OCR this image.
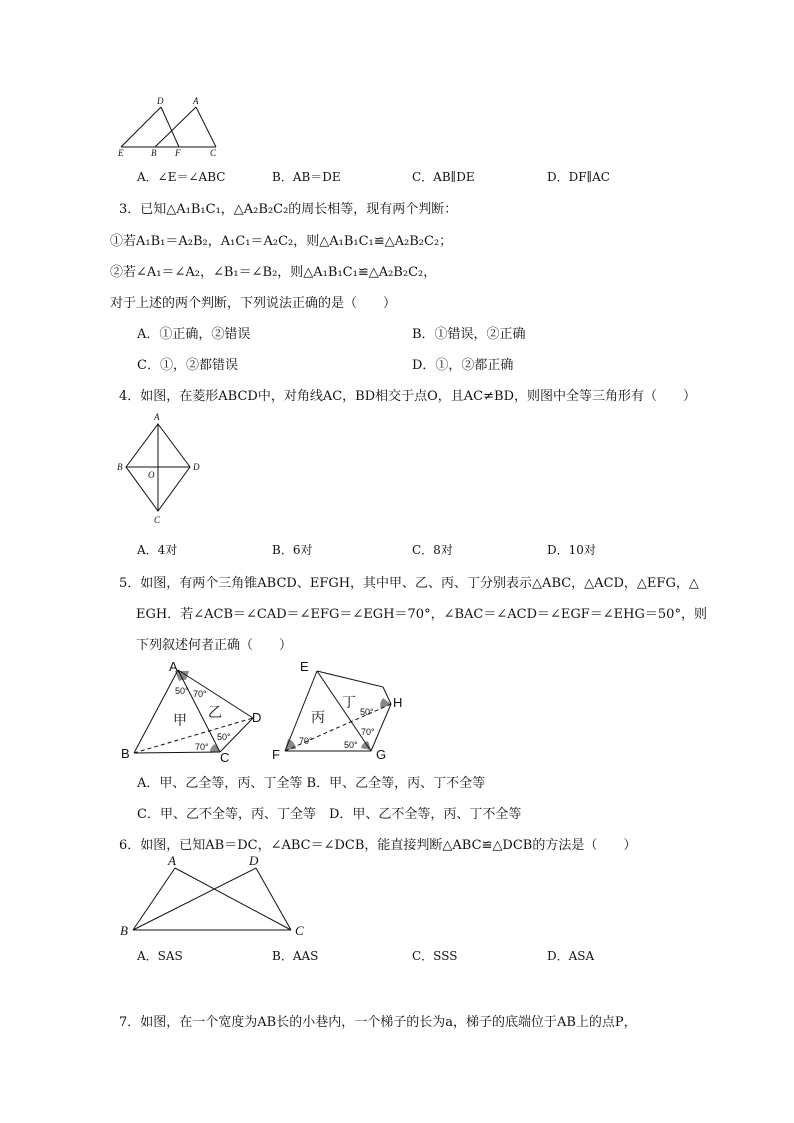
D	A
E	B F	C
A．∠E＝∠ABC	B．AB＝DE	C．AB∥DE	D．DF∥AC
3．已知△A₁B₁C₁，△A₂B₂C₂的周长相等，现有两个判断：
①若A₁B₁＝A₂B₂，A₁C₁＝A₂C₂，则△A₁B₁C₁≌△A₂B₂C₂；
②若∠A₁＝∠A₂，∠B₁＝∠B₂，则△A₁B₁C₁≌△A₂B₂C₂，
对于上述的两个判断，下列说法正确的是（　　）
A．①正确，②错误	B．①错误，②正确
C．①，②都错误	D．①，②都正确
4．如图，在菱形ABCD中，对角线AC，BD相交于点O，且AC≠BD，则图中全等三角形有（　　）
A
B
O
D
C
A．4对	B．6对	C．8对	D．10对
5．如图，有两个三角锥ABCD、EFGH，其中甲、乙、丙、丁分别表示△ABC，△ACD，△EFG，△
EGH．若∠ACB＝∠CAD＝∠EFG＝∠EGH＝70°，∠BAC＝∠ACD＝∠EGF＝∠EHG＝50°，则
下列叙述何者正确（　　）
A
B	C
D
E
F	G
H
甲 乙	丙
丁
50° 70°
50°
70°
70°	50°
70°
50°
A．甲、乙全等，丙、丁全等 B．甲、乙全等，丙、丁不全等
C．甲、乙不全等，丙、丁全等　D．甲、乙不全等，丙、丁不全等
6．如图，已知AB＝DC，∠ABC＝∠DCB，能直接判断△ABC≌△DCB的方法是（　　）
A	D
B	C
A．SAS	B．AAS	C．SSS	D．ASA
7．如图，在一个宽度为AB长的小巷内，一个梯子的长为a，梯子的底端位于AB上的点P，
